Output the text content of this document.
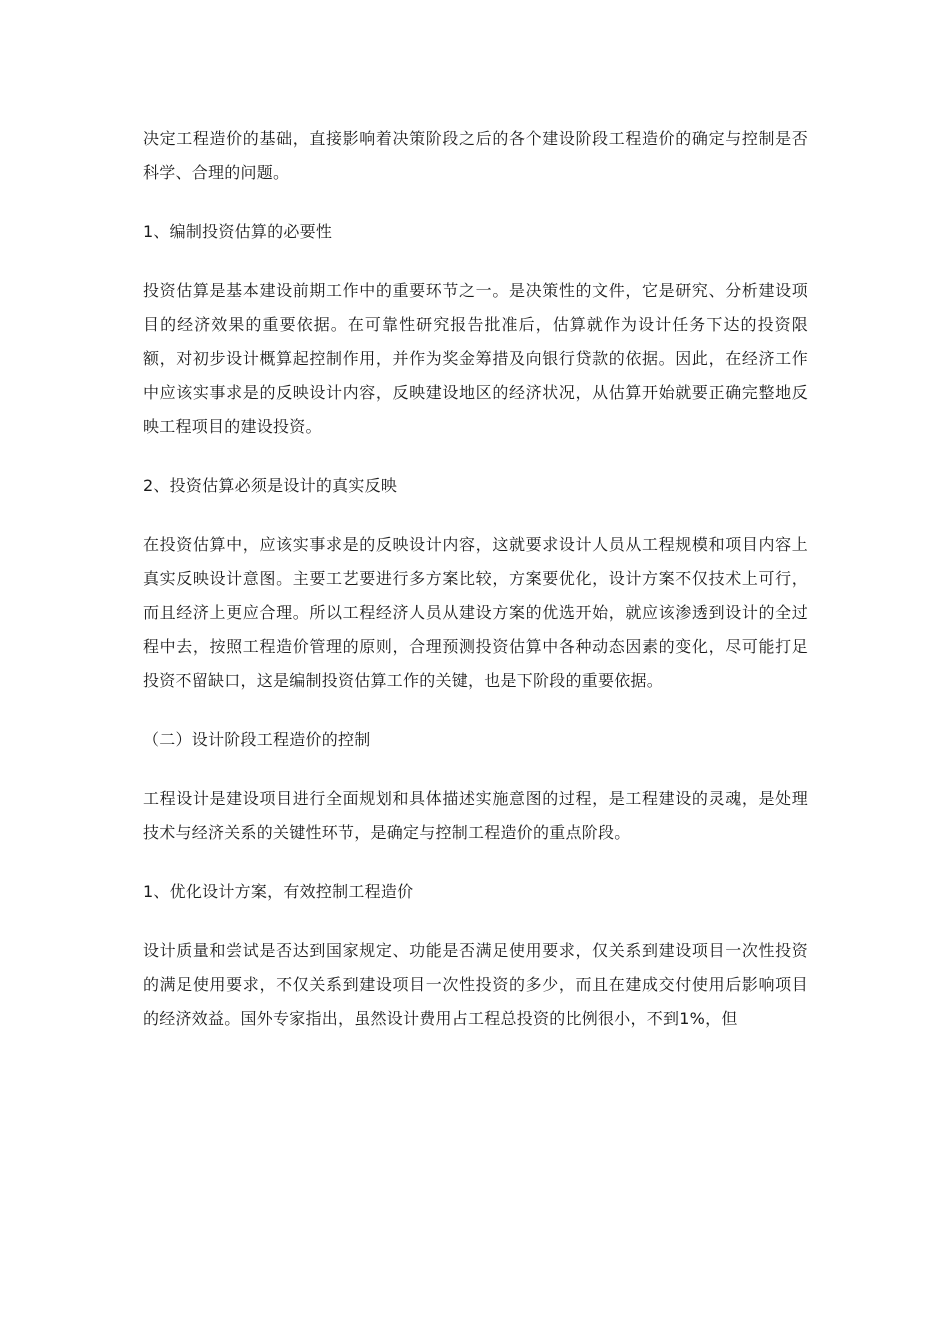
决定工程造价的基础，直接影响着决策阶段之后的各个建设阶段工程造价的确定与控制是否科学、合理的问题。

1、编制投资估算的必要性

投资估算是基本建设前期工作中的重要环节之一。是决策性的文件，它是研究、分析建设项目的经济效果的重要依据。在可靠性研究报告批准后，估算就作为设计任务下达的投资限额，对初步设计概算起控制作用，并作为奖金筹措及向银行贷款的依据。因此，在经济工作中应该实事求是的反映设计内容，反映建设地区的经济状况，从估算开始就要正确完整地反映工程项目的建设投资。

2、投资估算必须是设计的真实反映

在投资估算中，应该实事求是的反映设计内容，这就要求设计人员从工程规模和项目内容上真实反映设计意图。主要工艺要进行多方案比较，方案要优化，设计方案不仅技术上可行，而且经济上更应合理。所以工程经济人员从建设方案的优选开始，就应该渗透到设计的全过程中去，按照工程造价管理的原则，合理预测投资估算中各种动态因素的变化，尽可能打足投资不留缺口，这是编制投资估算工作的关键，也是下阶段的重要依据。

（二）设计阶段工程造价的控制

工程设计是建设项目进行全面规划和具体描述实施意图的过程，是工程建设的灵魂，是处理技术与经济关系的关键性环节，是确定与控制工程造价的重点阶段。

1、优化设计方案，有效控制工程造价

设计质量和尝试是否达到国家规定、功能是否满足使用要求，仅关系到建设项目一次性投资的满足使用要求，不仅关系到建设项目一次性投资的多少，而且在建成交付使用后影响项目的经济效益。国外专家指出，虽然设计费用占工程总投资的比例很小，不到1%，但
